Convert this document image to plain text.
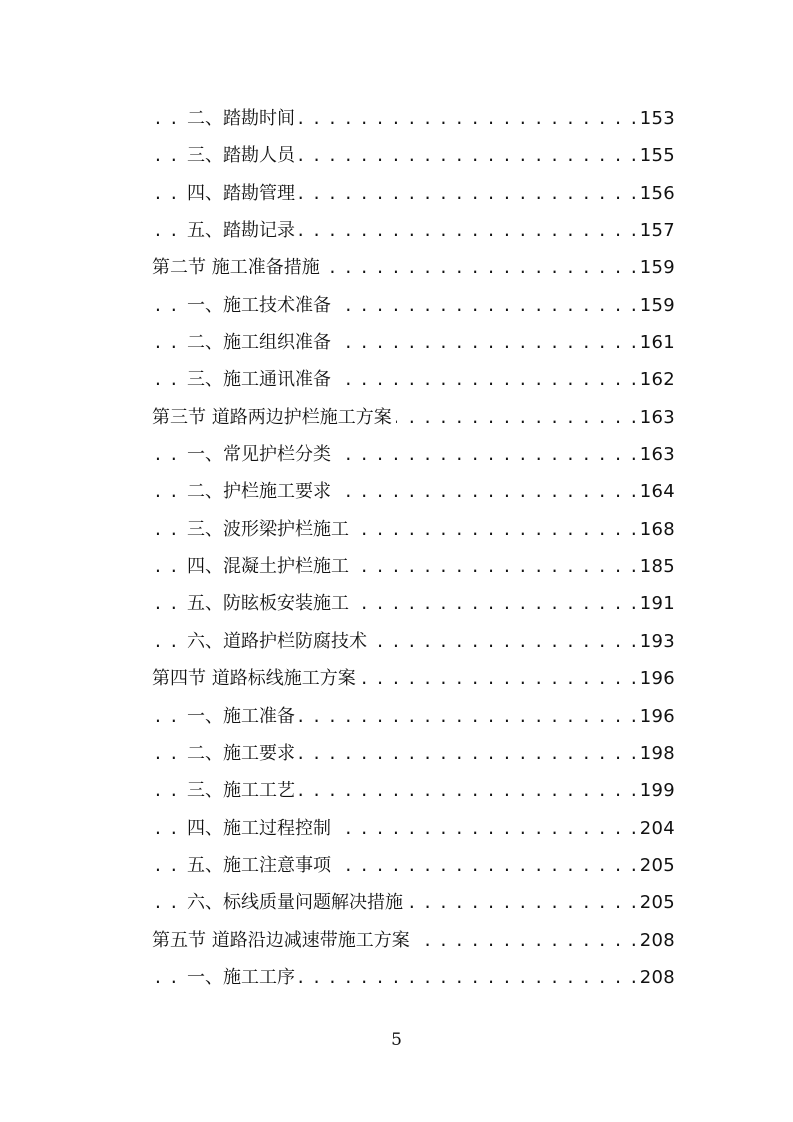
. . .
二、踏勘时间	153
. . .
三、踏勘人员	155
. . .
四、踏勘管理	156
. . .
五、踏勘记录	157
. . .
第二节 施工准备措施	159
. . .
一、施工技术准备	159
. . .
二、施工组织准备	161
. . .
三、施工通讯准备	162
. . .
第三节 道路两边护栏施工方案	163
. . .
一、常见护栏分类	163
. . .
二、护栏施工要求	164
. . .
三、波形梁护栏施工	168
. . .
四、混凝土护栏施工	185
. . .
五、防眩板安装施工	191
. . .
六、道路护栏防腐技术	193
. . .
第四节 道路标线施工方案	196
. . .
一、施工准备	196
. . .
二、施工要求	198
. . .
三、施工工艺	199
. . .
四、施工过程控制	204
. . .
五、施工注意事项	205
. . .
六、标线质量问题解决措施	205
. . .
第五节 道路沿边减速带施工方案	208
. . .
一、施工工序	208
5
